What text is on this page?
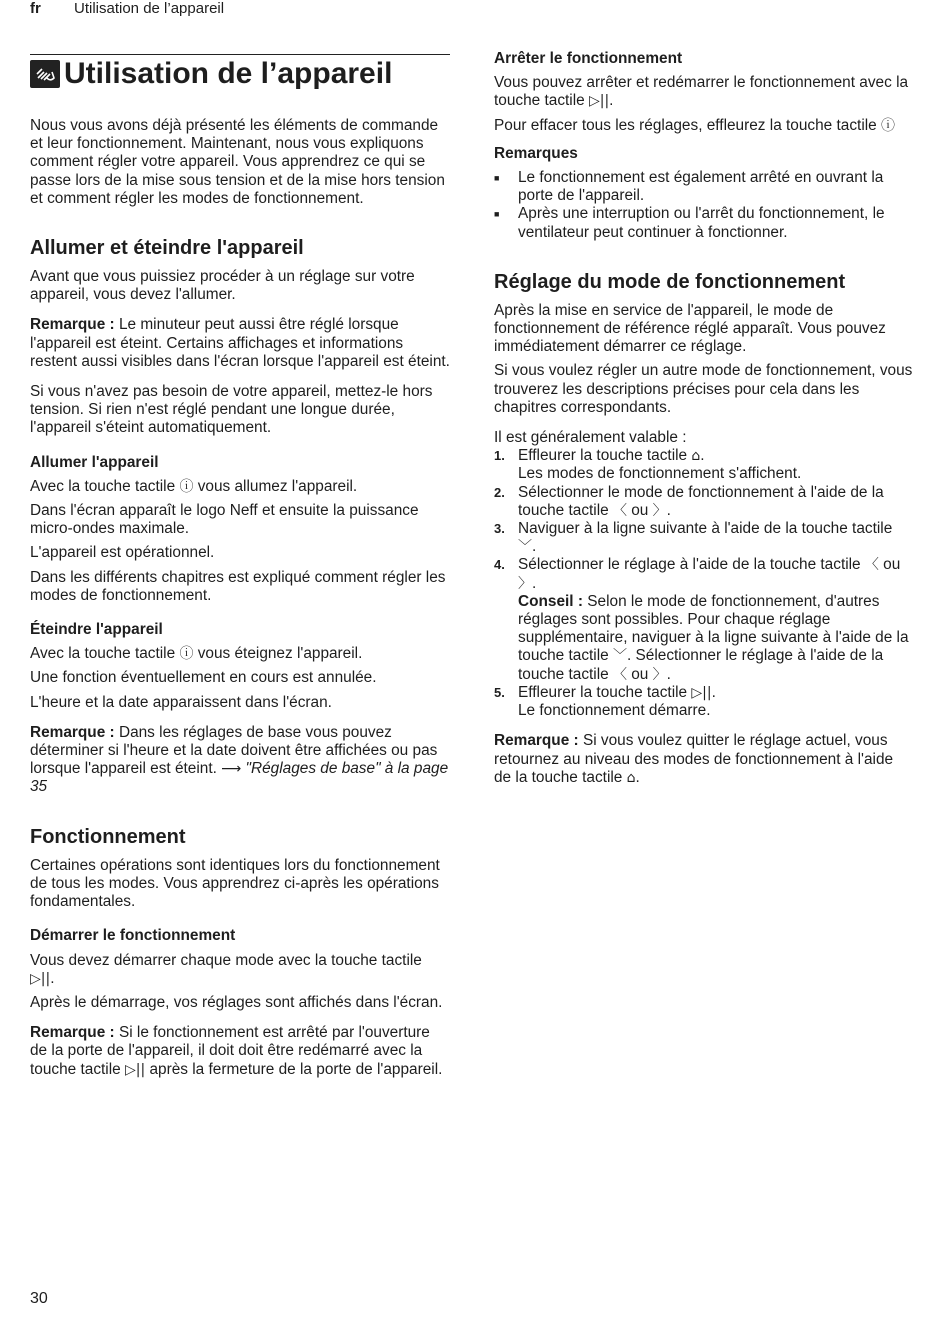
fr Utilisation de l’appareil
Utilisation de l’appareil

Nous vous avons déjà présenté les éléments de commande et leur fonctionnement. Maintenant, nous vous expliquons comment régler votre appareil. Vous apprendrez ce qui se passe lors de la mise sous tension et de la mise hors tension et comment régler les modes de fonctionnement.

Allumer et éteindre l'appareil

Avant que vous puissiez procéder à un réglage sur votre appareil, vous devez l'allumer.

Remarque : Le minuteur peut aussi être réglé lorsque l'appareil est éteint. Certains affichages et informations restent aussi visibles dans l'écran lorsque l'appareil est éteint.

Si vous n'avez pas besoin de votre appareil, mettez-le hors tension. Si rien n'est réglé pendant une longue durée, l'appareil s'éteint automatiquement.

Allumer l'appareil

Avec la touche tactile ⓘ vous allumez l'appareil.

Dans l'écran apparaît le logo Neff et ensuite la puissance micro-ondes maximale.

L'appareil est opérationnel.

Dans les différents chapitres est expliqué comment régler les modes de fonctionnement.

Éteindre l'appareil

Avec la touche tactile ⓘ vous éteignez l'appareil.

Une fonction éventuellement en cours est annulée.

L'heure et la date apparaissent dans l'écran.

Remarque : Dans les réglages de base vous pouvez déterminer si l'heure et la date doivent être affichées ou pas lorsque l'appareil est éteint. ⟶ "Réglages de base" à la page 35

Fonctionnement

Certaines opérations sont identiques lors du fonctionnement de tous les modes. Vous apprendrez ci-après les opérations fondamentales.

Démarrer le fonctionnement

Vous devez démarrer chaque mode avec la touche tactile ▷||.

Après le démarrage, vos réglages sont affichés dans l'écran.

Remarque : Si le fonctionnement est arrêté par l'ouverture de la porte de l'appareil, il doit doit être redémarré avec la touche tactile ▷|| après la fermeture de la porte de l'appareil.

Arrêter le fonctionnement

Vous pouvez arrêter et redémarrer le fonctionnement avec la touche tactile ▷||.

Pour effacer tous les réglages, effleurez la touche tactile ⓘ

Remarques
■ Le fonctionnement est également arrêté en ouvrant la porte de l'appareil.
■ Après une interruption ou l'arrêt du fonctionnement, le ventilateur peut continuer à fonctionner.
Réglage du mode de fonctionnement

Après la mise en service de l'appareil, le mode de fonctionnement de référence réglé apparaît. Vous pouvez immédiatement démarrer ce réglage.

Si vous voulez régler un autre mode de fonctionnement, vous trouverez les descriptions précises pour cela dans les chapitres correspondants.

Il est généralement valable :

1. Effleurer la touche tactile ⌂.
Les modes de fonctionnement s'affichent.
2. Sélectionner le mode de fonctionnement à l'aide de la touche tactile 〈 ou 〉.
3. Naviguer à la ligne suivante à l'aide de la touche tactile ﹀.
4. Sélectionner le réglage à l'aide de la touche tactile 〈 ou 〉.
Conseil : Selon le mode de fonctionnement, d'autres réglages sont possibles. Pour chaque réglage supplémentaire, naviguer à la ligne suivante à l'aide de la touche tactile ﹀. Sélectionner le réglage à l'aide de la touche tactile 〈 ou 〉.
5. Effleurer la touche tactile ▷||.
Le fonctionnement démarre.

Remarque : Si vous voulez quitter le réglage actuel, vous retournez au niveau des modes de fonctionnement à l'aide de la touche tactile ⌂.

30
